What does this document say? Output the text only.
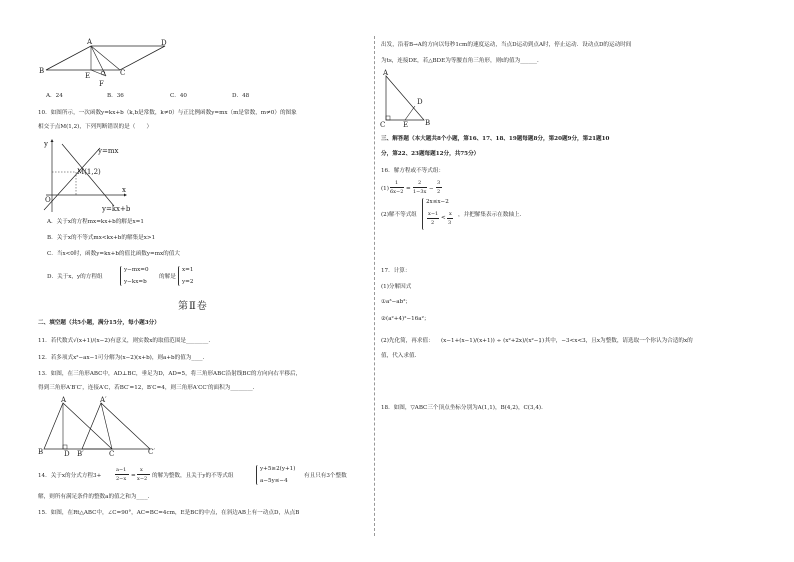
A	D
B
E	C
F
A．24	B．36	C．40	D．48
10．如图所示，一次函数y=kx+b（k,b是常数，k≠0）与正比例函数y=mx（m是常数，m≠0）的图象
相交于点M(1,2)，下列判断错误的是（　　）
y
x
O
y=mx
M(1,2)
y=kx+b
A．关于x的方程mx=kx+b的解是x=1
B．关于x的不等式mx<kx+b的解集是x>1
C．当x<0时，函数y=kx+b的值比函数y=mx的值大
D．关于x，y的方程组
y−mx=0
y−kx=b
的解是
x=1
y=2
第Ⅱ卷
二、填空题（共5小题，满分15分，每小题3分）
11．若代数式√(x+1)/(x−2)有意义，则实数x的取值范围是________.
12．若多项式x²−ax−1可分解为(x−2)(x+b)，则a+b的值为____.
13．如图，在三角形ABC中，AD⊥BC，垂足为D，AD=5，将三角形ABC沿射线BC的方向向右平移后，
得到三角形A′B′C′，连接A′C，若BC′=12，B′C=4，则三角形A′CC′的面积为________.
A	A′
B	D B′	C	C′
14．关于x的分式方程3+
a−1
2−x =
x
x−2 的解为整数，且关于y的不等式组
y+5≥2(y+1)
a−5y≤−4
有且只有3个整数
解，则所有满足条件的整数a的值之和为____.
15．如图，在Rt△ABC中，∠C=90°，AC=BC=4cm，E是BC的中点，在斜边AB上有一动点D，从点B
出发，沿着B→A的方向以每秒1cm的速度运动，当点D运动到点A时，停止运动．设动点D的运动时间
为ts，连接DE，若△BDE为等腰直角三角形，则t的值为______.
A
C	E B
D
三、解答题（本大题共8个小题，第16、17、18、19题每题8分，第20题9分，第21题10
分，第22、23题每题12分，共75分）
16．解方程或不等式组：
(1)
1
6x−2 =
2
1−3x −
3
2
(2)解不等式组
2x≤x−2
x−1
2
<
x
3
，并把解集表示在数轴上.
17．计算：
(1)分解因式
①a³−ab²；
②(a²+4)²−16a²；
(2)先化简，再求值： (x−1+(x−1)/(x+1)) ÷ (x²+2x)/(x²−1)
，其中，−3<x<3，且x为整数，请选取一个你认为合适的x的
值，代入求值.
18．如图，▽ABC三个顶点坐标分别为A(1,1)，B(4,2)，C(3,4)．
